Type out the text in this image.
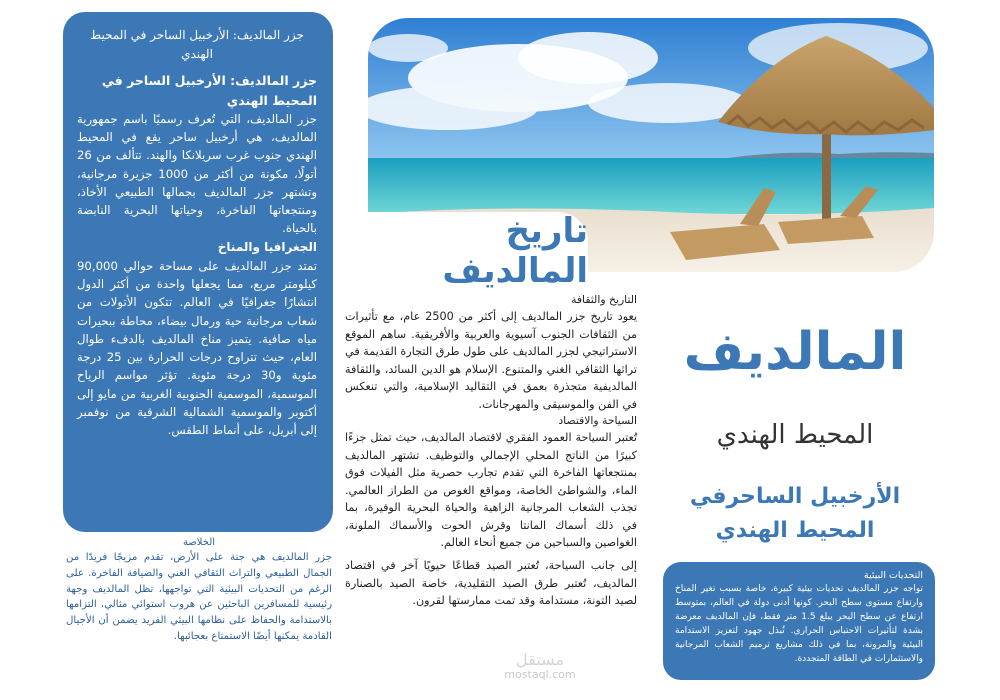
جزر المالديف: الأرخبيل الساحر في المحيط الهندي
جزر المالديف: الأرخبيل الساحر في المحيط الهندي

جزر المالديف، التي تُعرف رسميًا باسم جمهورية المالديف، هي أرخبيل ساحر يقع في المحيط الهندي جنوب غرب سريلانكا والهند. تتألف من 26 أتولًا، مكونة من أكثر من 1000 جزيرة مرجانية، وتشتهر جزر المالديف بجمالها الطبيعي الأخاذ، ومنتجعاتها الفاخرة، وحياتها البحرية النابضة بالحياة.

الجغرافيا والمناخ

تمتد جزر المالديف على مساحة حوالي 90,000 كيلومتر مربع، مما يجعلها واحدة من أكثر الدول انتشارًا جغرافيًا في العالم. تتكون الأتولات من شعاب مرجانية حية ورمال بيضاء، محاطة ببحيرات مياه صافية. يتميز مناخ المالديف بالدفء طوال العام، حيث تتراوح درجات الحرارة بين 25 درجة مئوية و30 درجة مئوية. تؤثر مواسم الرياح الموسمية، الموسمية الجنوبية الغربية من مايو إلى أكتوبر والموسمية الشمالية الشرقية من نوفمبر إلى أبريل، على أنماط الطقس.

الخلاصة

جزر المالديف هي جنة على الأرض، تقدم مزيجًا فريدًا من الجمال الطبيعي والتراث الثقافي الغني والضيافة الفاخرة. على الرغم من التحديات البيئية التي تواجهها، تظل المالديف وجهة رئيسية للمسافرين الباحثين عن هروب استوائي مثالي. التزامها بالاستدامة والحفاظ على نظامها البيئي الفريد يضمن أن الأجيال القادمة يمكنها أيضًا الاستمتاع بعجائبها.

تاريخ المالديف
التاريخ والثقافة

يعود تاريخ جزر المالديف إلى أكثر من 2500 عام، مع تأثيرات من الثقافات الجنوب آسيوية والعربية والأفريقية. ساهم الموقع الاستراتيجي لجزر المالديف على طول طرق التجارة القديمة في تراثها الثقافي الغني والمتنوع. الإسلام هو الدين السائد، والثقافة المالديفية متجذرة بعمق في التقاليد الإسلامية، والتي تنعكس في الفن والموسيقى والمهرجانات.

السياحة والاقتصاد

تُعتبر السياحة العمود الفقري لاقتصاد المالديف، حيث تمثل جزءًا كبيرًا من الناتج المحلي الإجمالي والتوظيف. تشتهر المالديف بمنتجعاتها الفاخرة التي تقدم تجارب حصرية مثل الفيلات فوق الماء، والشواطئ الخاصة، ومواقع الغوص من الطراز العالمي. تجذب الشعاب المرجانية الزاهية والحياة البحرية الوفيرة، بما في ذلك أسماك المانتا وقرش الحوت والأسماك الملونة، الغواصين والسباحين من جميع أنحاء العالم.

إلى جانب السياحة، تُعتبر الصيد قطاعًا حيويًا آخر في اقتصاد المالديف، تُعتبر طرق الصيد التقليدية، خاصة الصيد بالصنارة لصيد التونة، مستدامة وقد تمت ممارستها لقرون.

المالديف
المحيط الهندي
الأرخبيل الساحرفي
المحيط الهندي
التحديات البيئية

تواجه جزر المالديف تحديات بيئية كبيرة، خاصة بسبب تغير المناخ وارتفاع مستوى سطح البحر. كونها أدنى دولة في العالم، بمتوسط ارتفاع عن سطح البحر يبلغ 1.5 متر فقط، فإن المالديف معرضة بشدة لتأثيرات الاحتباس الحراري. تُبذل جهود لتعزيز الاستدامة البيئية والمرونة، بما في ذلك مشاريع ترميم الشعاب المرجانية والاستثمارات في الطاقة المتجددة.

مستقل
mostaql.com
